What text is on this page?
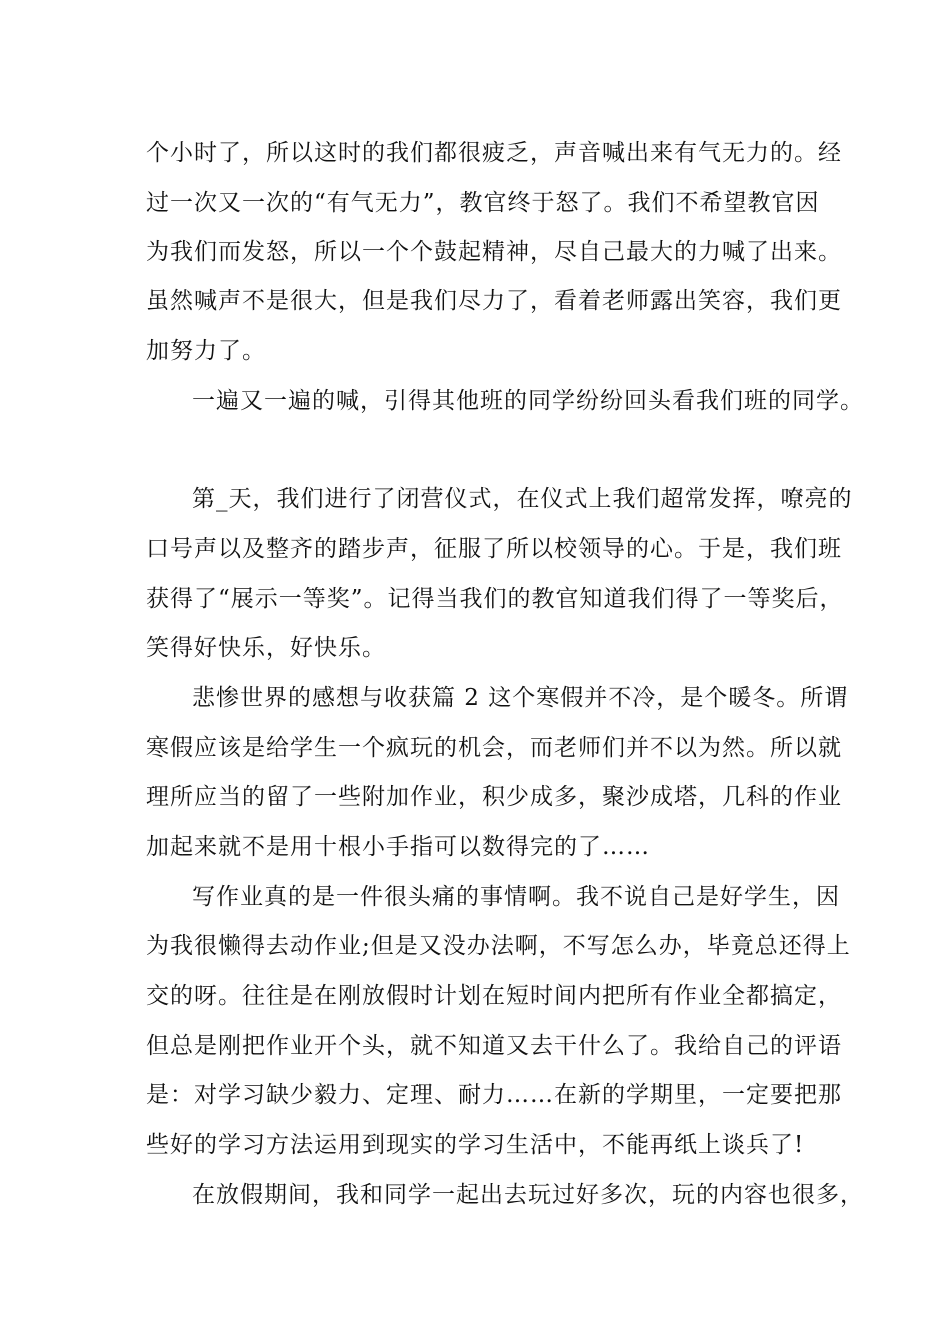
个小时了，所以这时的我们都很疲乏，声音喊出来有气无力的。经
过一次又一次的“有气无力”，教官终于怒了。我们不希望教官因
为我们而发怒，所以一个个鼓起精神，尽自己最大的力喊了出来。
虽然喊声不是很大，但是我们尽力了，看着老师露出笑容，我们更
加努力了。
一遍又一遍的喊，引得其他班的同学纷纷回头看我们班的同学。
第_天，我们进行了闭营仪式，在仪式上我们超常发挥，嘹亮的
口号声以及整齐的踏步声，征服了所以校领导的心。于是，我们班
获得了“展示一等奖”。记得当我们的教官知道我们得了一等奖后，
笑得好快乐，好快乐。
悲惨世界的感想与收获篇 2 这个寒假并不冷，是个暖冬。所谓
寒假应该是给学生一个疯玩的机会，而老师们并不以为然。所以就
理所应当的留了一些附加作业，积少成多，聚沙成塔，几科的作业
加起来就不是用十根小手指可以数得完的了……
写作业真的是一件很头痛的事情啊。我不说自己是好学生，因
为我很懒得去动作业;但是又没办法啊，不写怎么办，毕竟总还得上
交的呀。往往是在刚放假时计划在短时间内把所有作业全都搞定，
但总是刚把作业开个头，就不知道又去干什么了。我给自己的评语
是：对学习缺少毅力、定理、耐力……在新的学期里，一定要把那
些好的学习方法运用到现实的学习生活中，不能再纸上谈兵了!
在放假期间，我和同学一起出去玩过好多次，玩的内容也很多，
